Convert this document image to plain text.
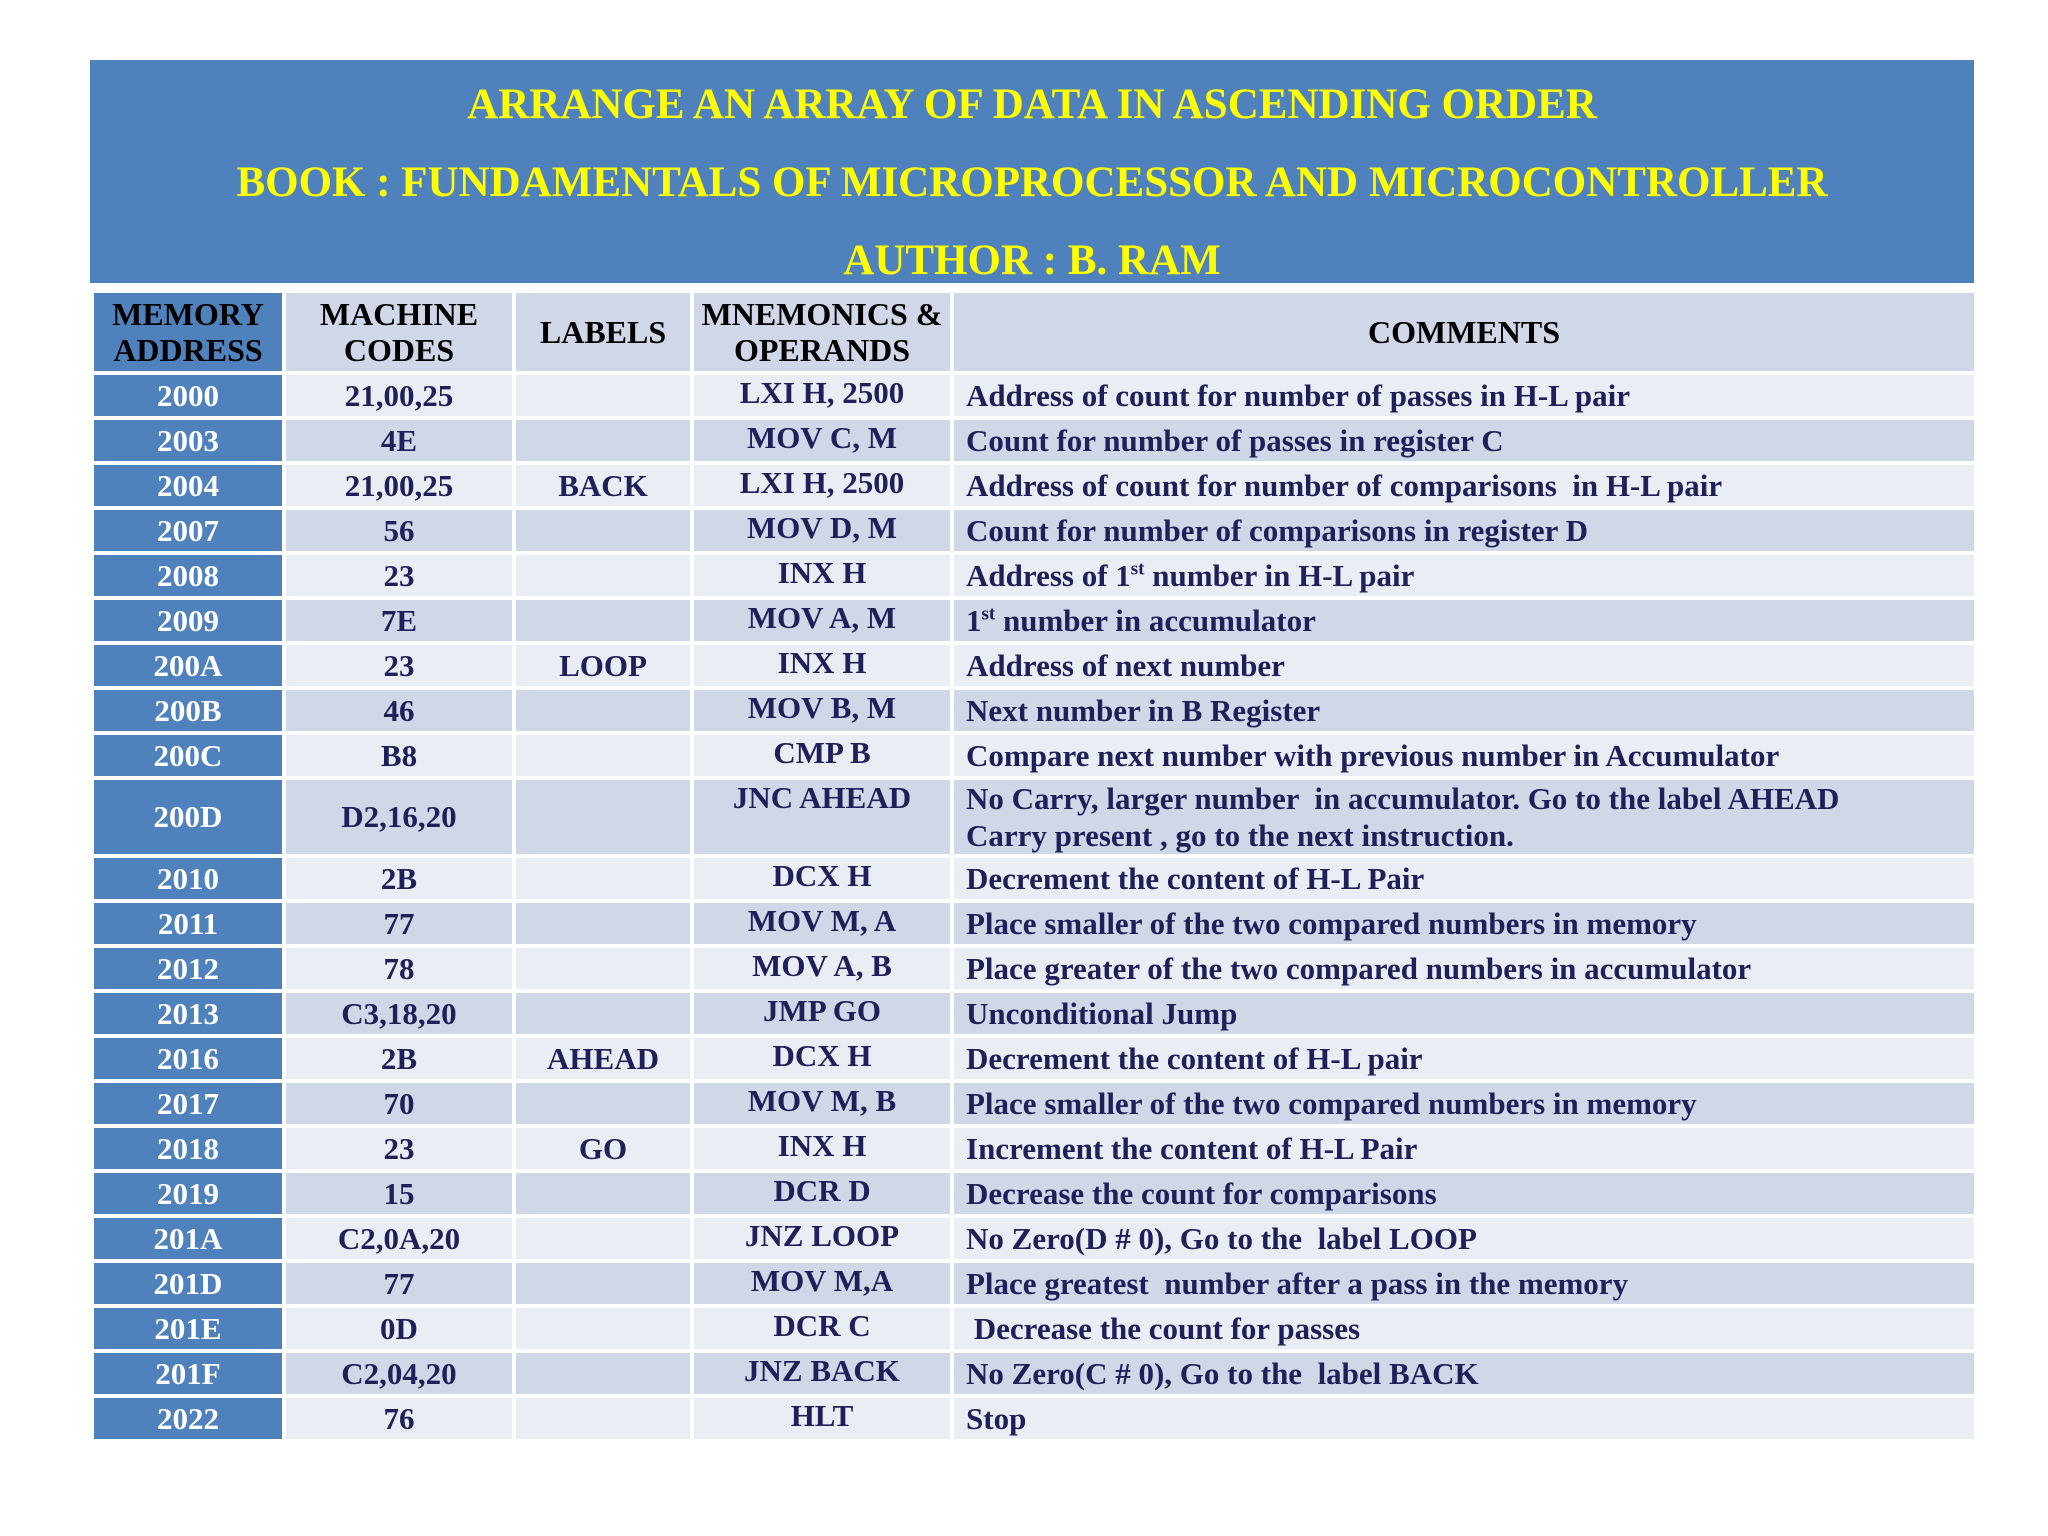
ARRANGE AN ARRAY OF DATA IN ASCENDING ORDER
BOOK : FUNDAMENTALS OF MICROPROCESSOR AND MICROCONTROLLER
AUTHOR : B. RAM
MEMORY ADDRESS	MACHINE CODES	LABELS	MNEMONICS & OPERANDS	COMMENTS
2000	21,00,25		LXI H, 2500	Address of count for number of passes in H-L pair

2003	4E		MOV C, M	Count for number of passes in register C

2004	21,00,25	BACK	LXI H, 2500	Address of count for number of comparisons  in H-L pair

2007	56		MOV D, M	Count for number of comparisons in register D

2008	23		INX H	Address of 1st number in H-L pair
2009	7E		MOV A, M	1st number in accumulator
200A	23	LOOP	INX H	Address of next number

200B	46		MOV B, M	Next number in B Register

200C	B8		CMP B	Compare next number with previous number in Accumulator

200D	D2,16,20		JNC AHEAD	No Carry, larger number  in accumulator. Go to the label AHEAD
Carry present , go to the next instruction.

2010	2B		DCX H	Decrement the content of H-L Pair

2011	77		MOV M, A	Place smaller of the two compared numbers in memory

2012	78		MOV A, B	Place greater of the two compared numbers in accumulator

2013	C3,18,20		JMP GO	Unconditional Jump

2016	2B	AHEAD	DCX H	Decrement the content of H-L pair

2017	70		MOV M, B	Place smaller of the two compared numbers in memory

2018	23	GO	INX H	Increment the content of H-L Pair

2019	15		DCR D	Decrease the count for comparisons

201A	C2,0A,20		JNZ LOOP	No Zero(D # 0), Go to the  label LOOP

201D	77		MOV M,A	Place greatest  number after a pass in the memory

201E	0D		DCR C	Decrease the count for passes

201F	C2,04,20		JNZ BACK	No Zero(C # 0), Go to the  label BACK

2022	76		HLT	Stop
